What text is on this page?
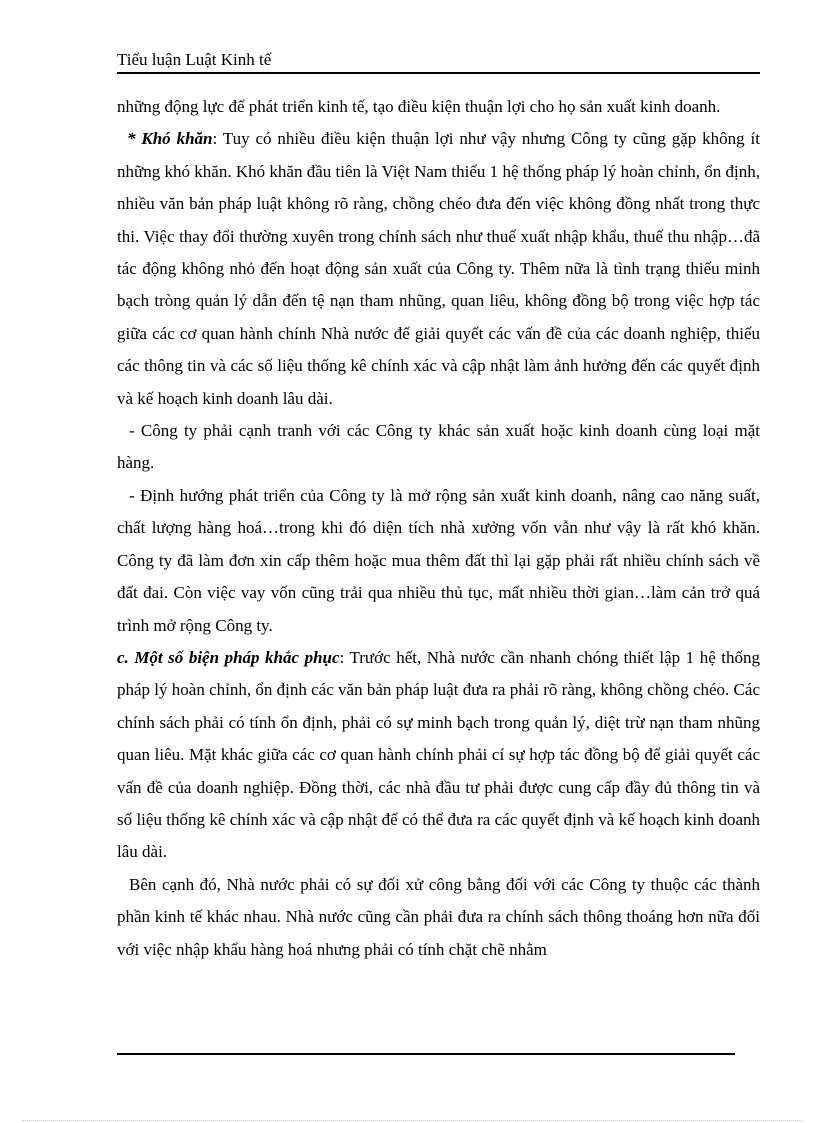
Tiểu luận Luật Kinh tế

những động lực để phát triển kinh tế, tạo điều kiện thuận lợi cho họ sản xuất kinh doanh.

* Khó khăn: Tuy có nhiều điều kiện thuận lợi như vậy nhưng Công ty cũng gặp không ít những khó khăn. Khó khăn đầu tiên là Việt Nam thiếu 1 hệ thống pháp lý hoàn chỉnh, ổn định, nhiều văn bản pháp luật không rõ ràng, chồng chéo đưa đến việc không đồng nhất trong thực thi. Việc thay đổi thường xuyên trong chính sách như thuế xuất nhập khẩu, thuế thu nhập…đã tác động không nhỏ đến hoạt động sản xuất của Công ty. Thêm nữa là tình trạng thiếu minh bạch tròng quản lý dẫn đến tệ nạn tham nhũng, quan liêu, không đồng bộ trong việc hợp tác giữa các cơ quan hành chính Nhà nước để giải quyết các vấn đề của các doanh nghiệp, thiếu các thông tin và các số liệu thống kê chính xác và cập nhật làm ảnh hưởng đến các quyết định và kế hoạch kinh doanh lâu dài.

- Công ty phải cạnh tranh với các Công ty khác sản xuất hoặc kinh doanh cùng loại mặt hàng.

- Định hướng phát triển của Công ty là mở rộng sản xuất kinh doanh, nâng cao năng suất, chất lượng hàng hoá…trong khi đó diện tích nhà xưởng vốn vẫn như vậy là rất khó khăn. Công ty đã làm đơn xin cấp thêm hoặc mua thêm đất thì lại gặp phải rất nhiều chính sách về đất đai. Còn việc vay vốn cũng trải qua nhiều thủ tục, mất nhiều thời gian…làm cản trở quá trình mở rộng Công ty.

c. Một số biện pháp khắc phục: Trước hết, Nhà nước cần nhanh chóng thiết lập 1 hệ thống pháp lý hoàn chỉnh, ổn định các văn bản pháp luật đưa ra phải rõ ràng, không chồng chéo. Các chính sách phải có tính ổn định, phải có sự minh bạch trong quản lý, diệt trừ nạn tham nhũng quan liêu. Mặt khác giữa các cơ quan hành chính phải cí sự hợp tác đồng bộ để giải quyết các vấn đề của doanh nghiệp. Đồng thời, các nhà đầu tư phải được cung cấp đầy đủ thông tin và số liệu thống kê chính xác và cập nhật để có thể đưa ra các quyết định và kế hoạch kinh doanh lâu dài.

Bên cạnh đó, Nhà nước phải có sự đối xử công bằng đối với các Công ty thuộc các thành phần kinh tế khác nhau. Nhà nước cũng cần phải đưa ra chính sách thông thoáng hơn nữa đối với việc nhập khẩu hàng hoá nhưng phải có tính chặt chẽ nhằm
